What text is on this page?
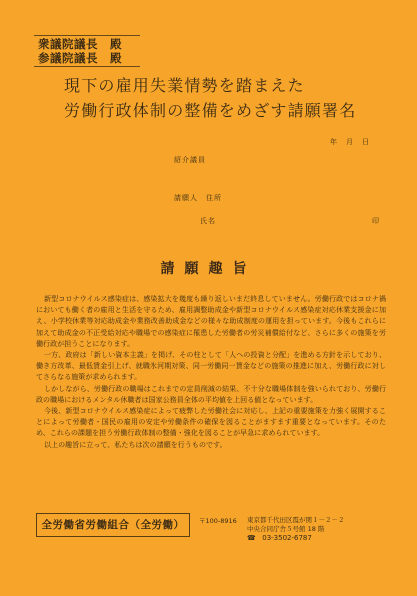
衆議院議長　殿
参議院議長　殿
現下の雇用失業情勢を踏まえた
労働行政体制の整備をめざす請願署名
年　月　日
紹介議員
請願人　住所
氏名	印
請願趣旨

新型コロナウイルス感染症は、感染拡大を幾度も繰り返しいまだ終息していません。労働行政ではコロナ禍においても働く者の雇用と生活を守るため、雇用調整助成金や新型コロナウイルス感染症対応休業支援金に加え、小学校休業等対応助成金や業務改善助成金などの様々な助成制度の運用を担っています。今後もこれらに加えて助成金の不正受給対応や職場での感染症に罹患した労働者の労災補償給付など、さらに多くの施策を労働行政が担うことになります。

一方、政府は「新しい資本主義」を掲げ、その柱として「人への投資と分配」を進める方針を示しており、働き方改革、最低賃金引上げ、就職氷河期対策、同一労働同一賃金などの施策の推進に加え、労働行政に対してさらなる施策が求められます。

しかしながら、労働行政の職場はこれまでの定員削減の結果、不十分な職場体制を強いられており、労働行政の職場におけるメンタル休職者は国家公務員全体の平均値を上回る値となっています。

今後、新型コロナウイルス感染症によって疲弊した労働社会に対応し、上記の重要施策を力強く展開することによって労働者・国民の雇用の安定や労働条件の確保を図ることがますます重要となっています。そのため、これらの課題を担う労働行政体制の整備・強化を図ることが早急に求められています。

以上の趣旨に立って、私たちは次の請願を行うものです。

全労働省労働組合（全労働）	〒100-8916 東京都千代田区霞が関１－２－２
中央合同庁舎５号館 18 階
☎　 03-3502-6787
